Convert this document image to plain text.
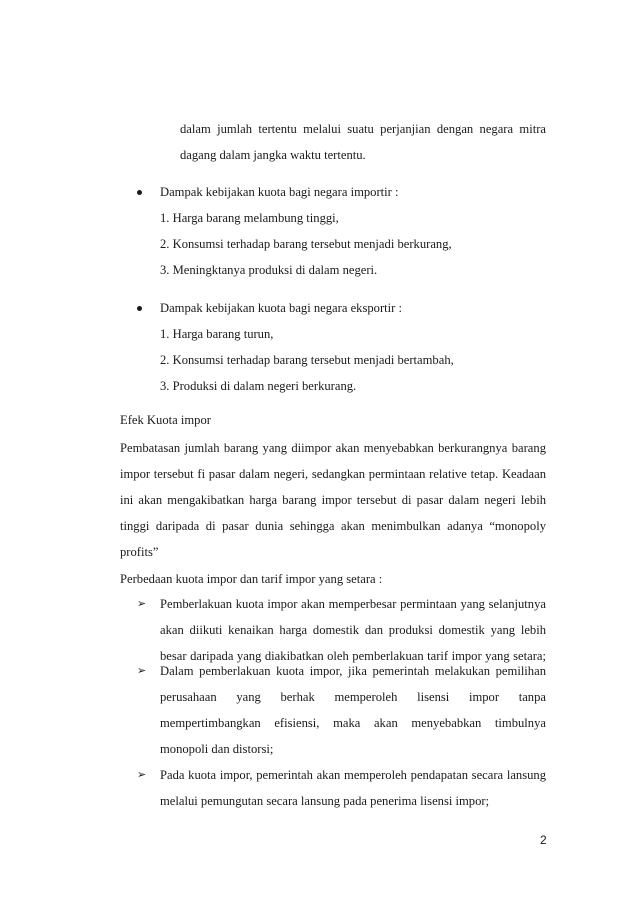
dalam jumlah tertentu melalui suatu perjanjian dengan negara mitra
dagang dalam jangka waktu tertentu.
Dampak kebijakan kuota bagi negara importir :
1. Harga barang melambung tinggi,
2. Konsumsi terhadap barang tersebut menjadi berkurang,
3. Meningktanya produksi di dalam negeri.
Dampak kebijakan kuota bagi negara eksportir :
1. Harga barang turun,
2. Konsumsi terhadap barang tersebut menjadi bertambah,
3. Produksi di dalam negeri berkurang.
Efek Kuota impor
Pembatasan jumlah barang yang diimpor akan menyebabkan berkurangnya barang
impor tersebut fi pasar dalam negeri, sedangkan permintaan relative tetap. Keadaan
ini akan mengakibatkan harga barang impor tersebut di pasar dalam negeri lebih
tinggi daripada di pasar dunia sehingga akan menimbulkan adanya “monopoly
profits”
Perbedaan kuota impor dan tarif impor yang setara :
➢ Pemberlakuan kuota impor akan memperbesar permintaan yang selanjutnya
akan diikuti kenaikan harga domestik dan produksi domestik yang lebih
besar daripada yang diakibatkan oleh pemberlakuan tarif impor yang setara;
➢ Dalam pemberlakuan kuota impor, jika pemerintah melakukan pemilihan
perusahaan yang berhak memperoleh lisensi impor tanpa
mempertimbangkan efisiensi, maka akan menyebabkan timbulnya
monopoli dan distorsi;
➢ Pada kuota impor, pemerintah akan memperoleh pendapatan secara lansung
melalui pemungutan secara lansung pada penerima lisensi impor;
2
